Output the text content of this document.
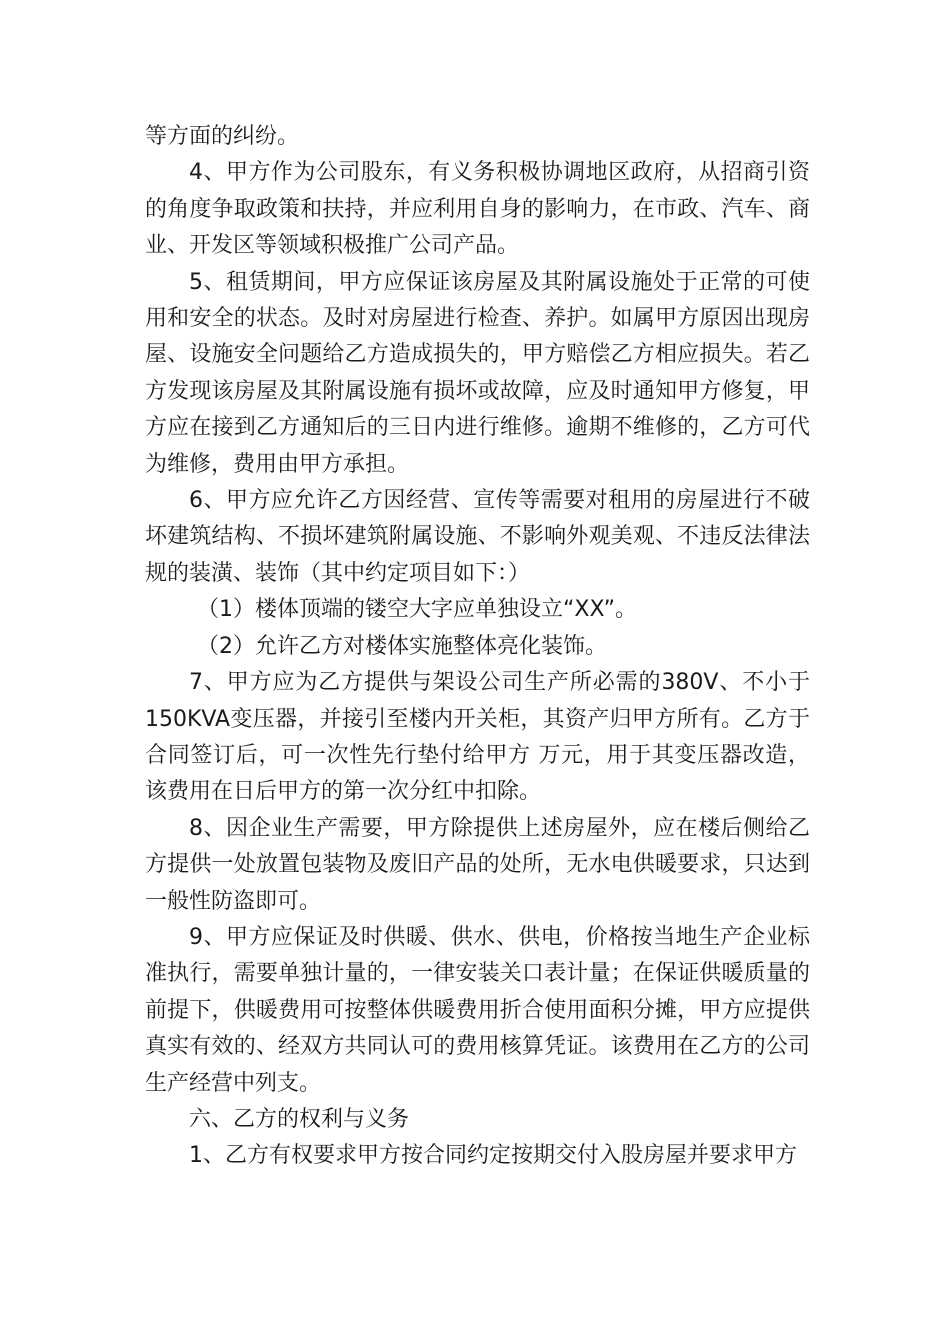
等方面的纠纷。

4、甲方作为公司股东，有义务积极协调地区政府，从招商引资的角度争取政策和扶持，并应利用自身的影响力，在市政、汽车、商业、开发区等领域积极推广公司产品。

5、租赁期间，甲方应保证该房屋及其附属设施处于正常的可使用和安全的状态。及时对房屋进行检查、养护。如属甲方原因出现房屋、设施安全问题给乙方造成损失的，甲方赔偿乙方相应损失。若乙方发现该房屋及其附属设施有损坏或故障，应及时通知甲方修复，甲方应在接到乙方通知后的三日内进行维修。逾期不维修的，乙方可代为维修，费用由甲方承担。

6、甲方应允许乙方因经营、宣传等需要对租用的房屋进行不破坏建筑结构、不损坏建筑附属设施、不影响外观美观、不违反法律法规的装潢、装饰（其中约定项目如下：）

（1）楼体顶端的镂空大字应单独设立“XX”。

（2）允许乙方对楼体实施整体亮化装饰。

7、甲方应为乙方提供与架设公司生产所必需的380V、不小于150KVA变压器，并接引至楼内开关柜，其资产归甲方所有。乙方于合同签订后，可一次性先行垫付给甲方 万元，用于其变压器改造，该费用在日后甲方的第一次分红中扣除。

8、因企业生产需要，甲方除提供上述房屋外，应在楼后侧给乙方提供一处放置包装物及废旧产品的处所，无水电供暖要求，只达到一般性防盗即可。

9、甲方应保证及时供暖、供水、供电，价格按当地生产企业标准执行，需要单独计量的，一律安装关口表计量；在保证供暖质量的前提下，供暖费用可按整体供暖费用折合使用面积分摊，甲方应提供真实有效的、经双方共同认可的费用核算凭证。该费用在乙方的公司生产经营中列支。

六、乙方的权利与义务

1、乙方有权要求甲方按合同约定按期交付入股房屋并要求甲方
